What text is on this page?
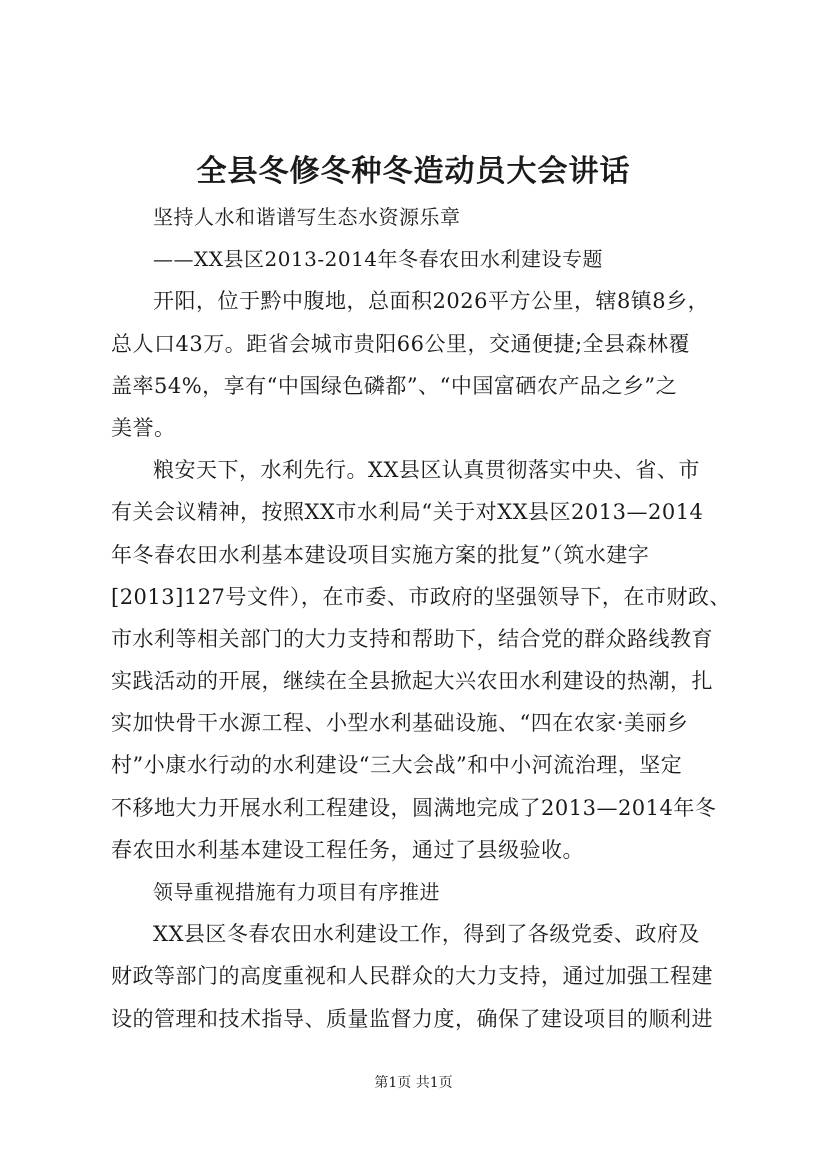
全县冬修冬种冬造动员大会讲话
坚持人水和谐谱写生态水资源乐章
——XX县区2013-2014年冬春农田水利建设专题
开阳，位于黔中腹地，总面积2026平方公里，辖8镇8乡，
总人口43万。距省会城市贵阳66公里，交通便捷;全县森林覆
盖率54%，享有“中国绿色磷都”、“中国富硒农产品之乡”之
美誉。
粮安天下，水利先行。XX县区认真贯彻落实中央、省、市
有关会议精神，按照XX市水利局“关于对XX县区2013—2014
年冬春农田水利基本建设项目实施方案的批复”（筑水建字
[2013]127号文件），在市委、市政府的坚强领导下，在市财政、
市水利等相关部门的大力支持和帮助下，结合党的群众路线教育
实践活动的开展，继续在全县掀起大兴农田水利建设的热潮，扎
实加快骨干水源工程、小型水利基础设施、“四在农家·美丽乡
村”小康水行动的水利建设“三大会战”和中小河流治理，坚定
不移地大力开展水利工程建设，圆满地完成了2013—2014年冬
春农田水利基本建设工程任务，通过了县级验收。
领导重视措施有力项目有序推进
XX县区冬春农田水利建设工作，得到了各级党委、政府及
财政等部门的高度重视和人民群众的大力支持，通过加强工程建
设的管理和技术指导、质量监督力度，确保了建设项目的顺利进
第1页 共1页
